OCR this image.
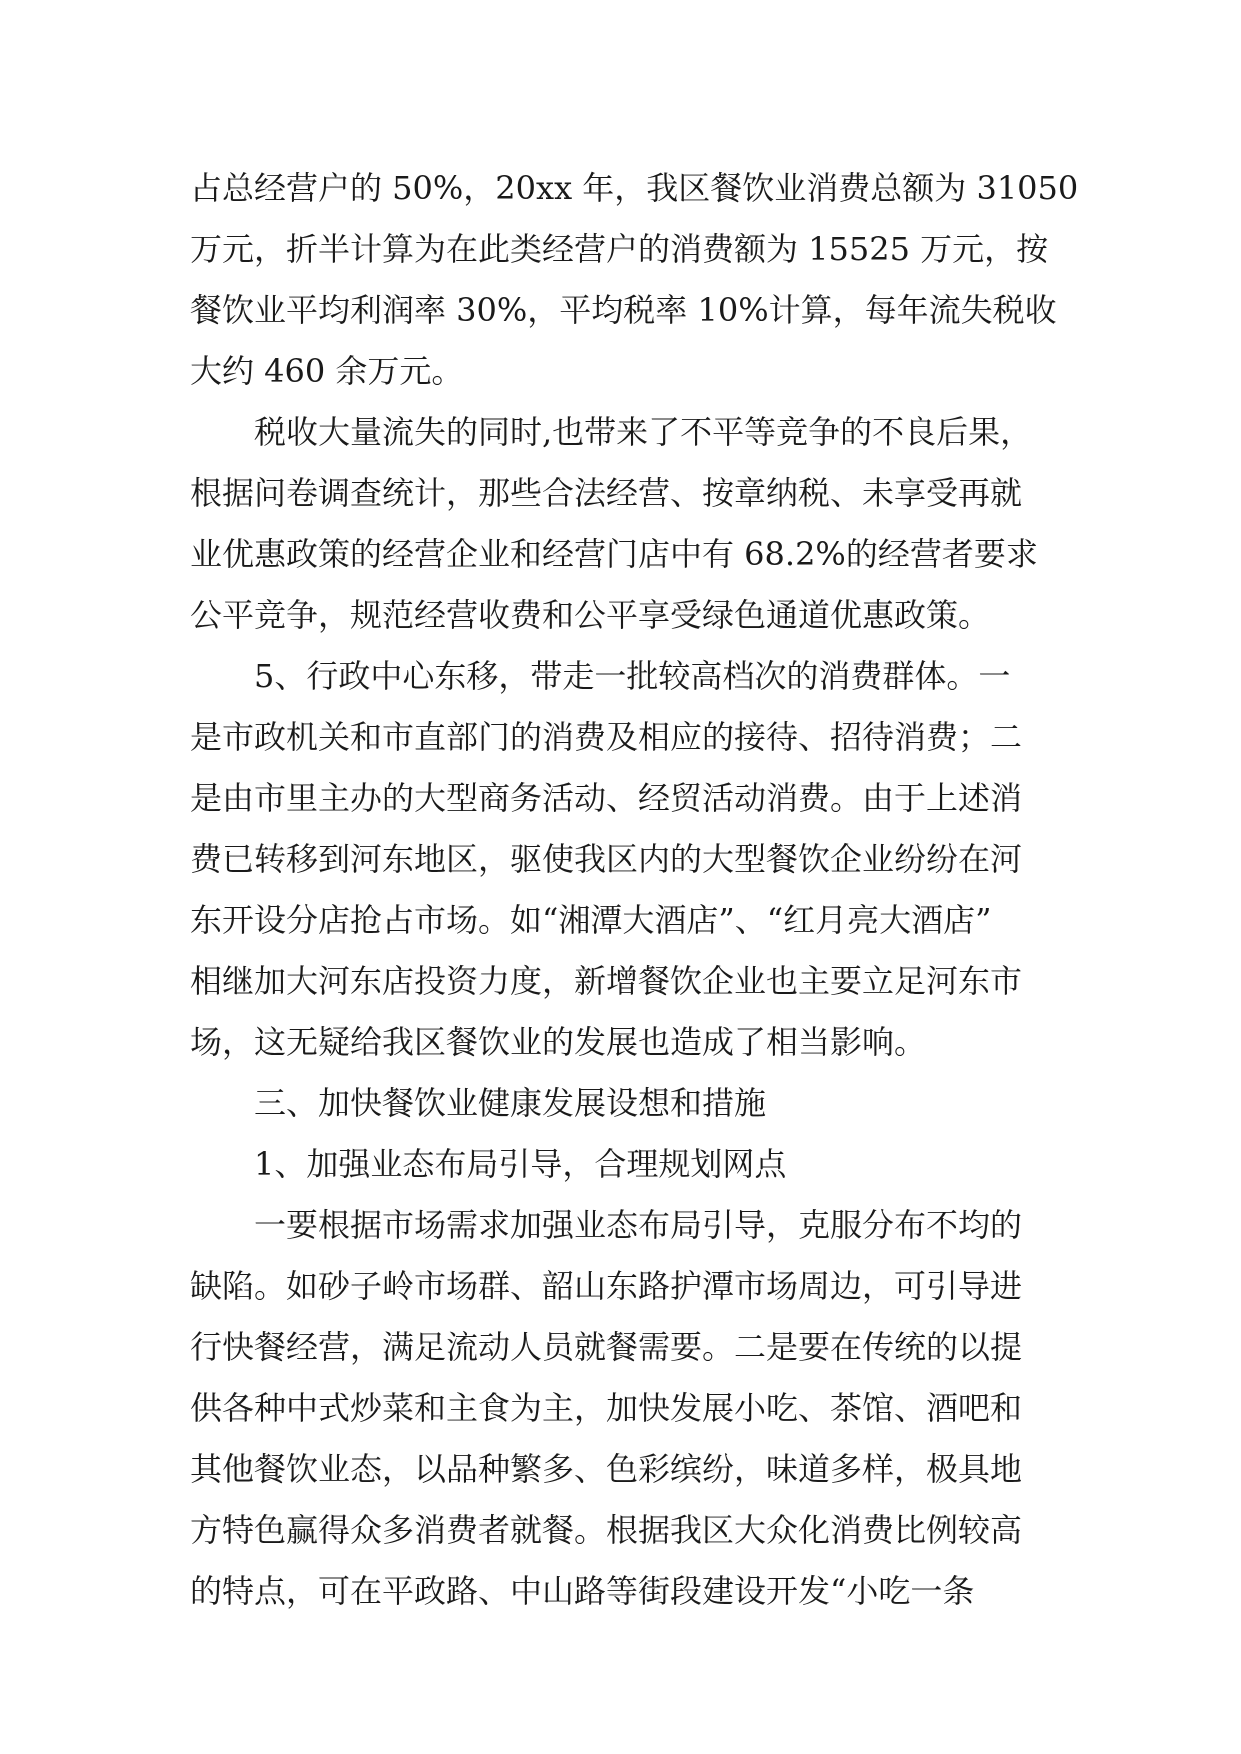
占总经营户的 50%，20xx 年，我区餐饮业消费总额为 31050
万元，折半计算为在此类经营户的消费额为 15525 万元，按
餐饮业平均利润率 30%，平均税率 10%计算，每年流失税收
大约 460 余万元。
　　税收大量流失的同时,也带来了不平等竞争的不良后果，
根据问卷调查统计，那些合法经营、按章纳税、未享受再就
业优惠政策的经营企业和经营门店中有 68.2%的经营者要求
公平竞争，规范经营收费和公平享受绿色通道优惠政策。
　　5、行政中心东移，带走一批较高档次的消费群体。一
是市政机关和市直部门的消费及相应的接待、招待消费；二
是由市里主办的大型商务活动、经贸活动消费。由于上述消
费已转移到河东地区，驱使我区内的大型餐饮企业纷纷在河
东开设分店抢占市场。如“湘潭大酒店”、“红月亮大酒店”
相继加大河东店投资力度，新增餐饮企业也主要立足河东市
场，这无疑给我区餐饮业的发展也造成了相当影响。
　　三、加快餐饮业健康发展设想和措施
　　1、加强业态布局引导，合理规划网点
　　一要根据市场需求加强业态布局引导，克服分布不均的
缺陷。如砂子岭市场群、韶山东路护潭市场周边，可引导进
行快餐经营，满足流动人员就餐需要。二是要在传统的以提
供各种中式炒菜和主食为主，加快发展小吃、茶馆、酒吧和
其他餐饮业态，以品种繁多、色彩缤纷，味道多样，极具地
方特色赢得众多消费者就餐。根据我区大众化消费比例较高
的特点，可在平政路、中山路等街段建设开发“小吃一条
